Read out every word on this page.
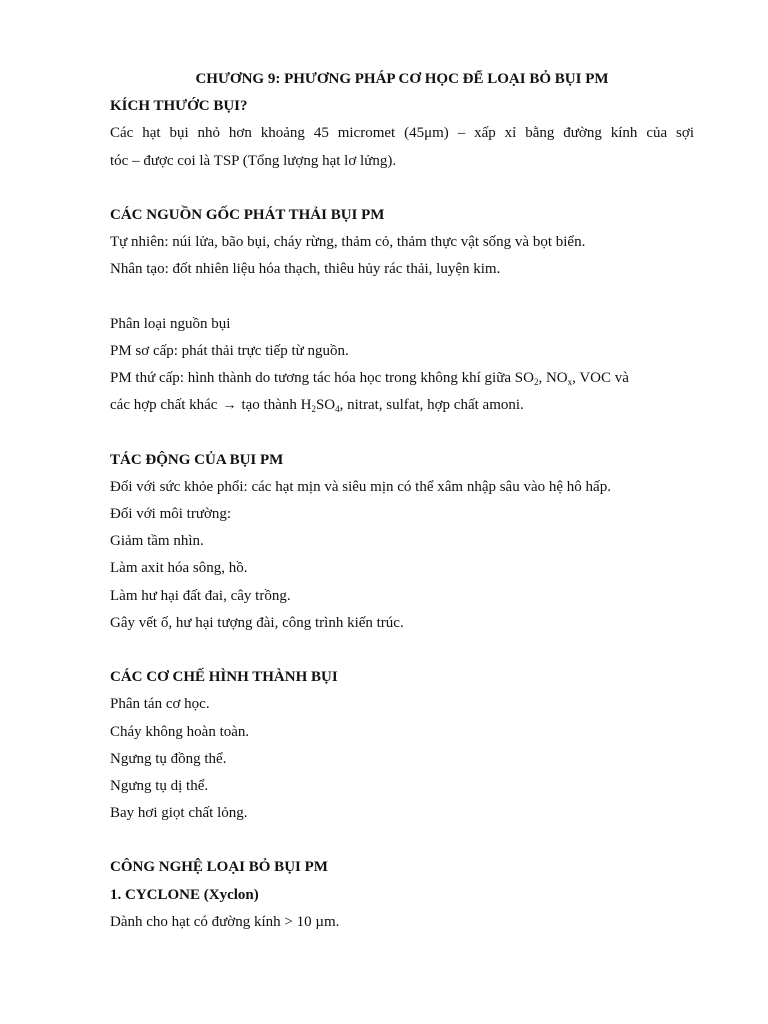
CHƯƠNG 9: PHƯƠNG PHÁP CƠ HỌC ĐỂ LOẠI BỎ BỤI PM
KÍCH THƯỚC BỤI?
Các hạt bụi nhỏ hơn khoảng 45 micromet (45μm) – xấp xỉ bằng đường kính của sợi
tóc – được coi là TSP (Tổng lượng hạt lơ lửng).
CÁC NGUỒN GỐC PHÁT THẢI BỤI PM
Tự nhiên: núi lửa, bão bụi, cháy rừng, thảm cỏ, thảm thực vật sống và bọt biển.
Nhân tạo: đốt nhiên liệu hóa thạch, thiêu hủy rác thải, luyện kim.
Phân loại nguồn bụi
PM sơ cấp: phát thải trực tiếp từ nguồn.
PM thứ cấp: hình thành do tương tác hóa học trong không khí giữa $SO_2$, $NO_x$, VOC và
các hợp chất khác → tạo thành $H_2SO_4$, nitrat, sulfat, hợp chất amoni.
TÁC ĐỘNG CỦA BỤI PM
Đối với sức khỏe phổi: các hạt mịn và siêu mịn có thể xâm nhập sâu vào hệ hô hấp.
Đối với môi trường:
Giảm tầm nhìn.
Làm axit hóa sông, hồ.
Làm hư hại đất đai, cây trồng.
Gây vết ố, hư hại tượng đài, công trình kiến trúc.
CÁC CƠ CHẾ HÌNH THÀNH BỤI
Phân tán cơ học.
Cháy không hoàn toàn.
Ngưng tụ đồng thể.
Ngưng tụ dị thể.
Bay hơi giọt chất lỏng.
CÔNG NGHỆ LOẠI BỎ BỤI PM
1. CYCLONE (Xyclon)
Dành cho hạt có đường kính > 10 µm.
